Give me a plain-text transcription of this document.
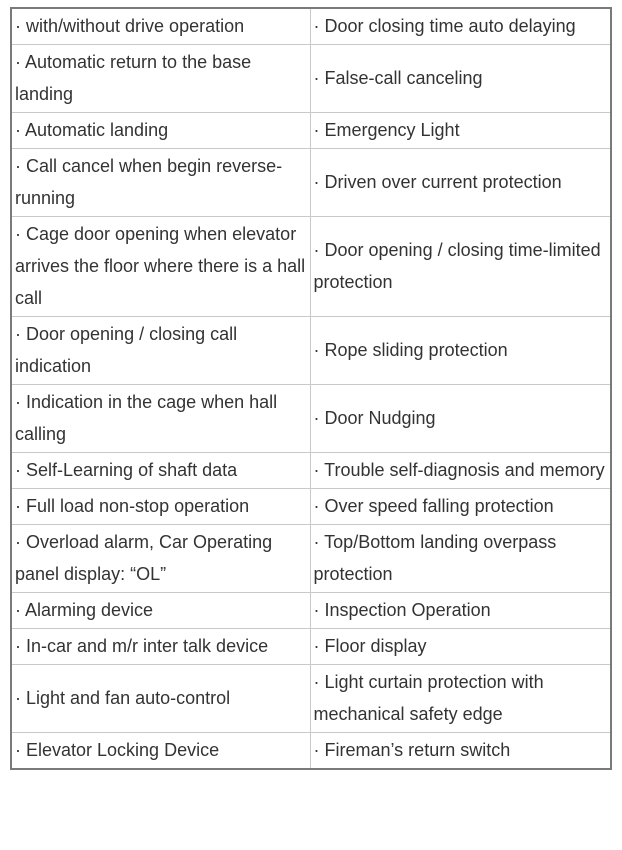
· with/without drive operation	· Door closing time auto delaying
· Automatic return to the base landing	· False-call canceling
· Automatic landing	· Emergency Light
· Call cancel when begin reverse-running	· Driven over current protection
· Cage door opening when elevator arrives the floor where there is a hall call	· Door opening / closing time-limited protection
· Door opening / closing call indication	· Rope sliding protection
· Indication in the cage when hall calling	· Door Nudging
· Self-Learning of shaft data	· Trouble self-diagnosis and memory
· Full load non-stop operation	· Over speed falling protection
· Overload alarm, Car Operating panel display: “OL”	· Top/Bottom landing overpass protection
· Alarming device	· Inspection Operation
· In-car and m/r inter talk device	· Floor display
· Light and fan auto-control	· Light curtain protection with mechanical safety edge
· Elevator Locking Device	· Fireman’s return switch
